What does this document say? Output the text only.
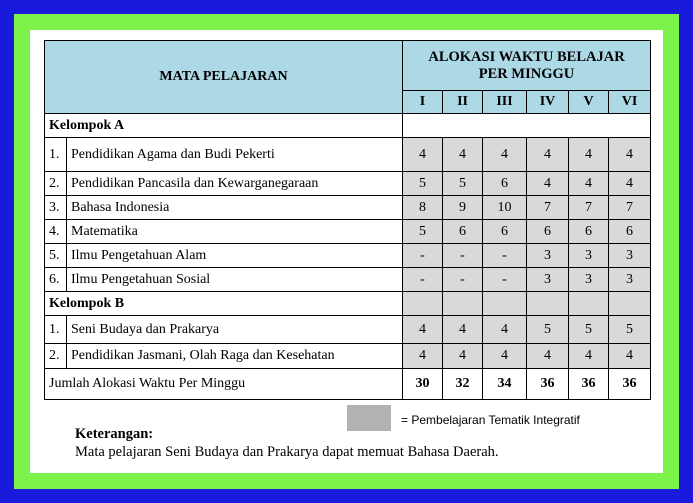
MATA PELAJARAN		ALOKASI WAKTU BELAJAR
PER MINGGU					

		I	II	III	IV	V	VI
Kelompok A							
1.	Pendidikan Agama dan Budi Pekerti	4	4	4	4	4	4
2.	Pendidikan Pancasila dan Kewarganegaraan	5	5	6	4	4	4
3.	Bahasa Indonesia	8	9	10	7	7	7
4.	Matematika	5	6	6	6	6	6
5.	Ilmu Pengetahuan Alam	-	-	-	3	3	3
6.	Ilmu Pengetahuan Sosial	-	-	-	3	3	3
Kelompok B							
1.	Seni Budaya dan Prakarya	4	4	4	5	5	5
2.	Pendidikan Jasmani, Olah Raga dan Kesehatan	4	4	4	4	4	4
Jumlah Alokasi Waktu Per Minggu		30	32	34	36	36	36
= Pembelajaran Tematik Integratif
Keterangan:
Mata pelajaran Seni Budaya dan Prakarya dapat memuat Bahasa Daerah.
